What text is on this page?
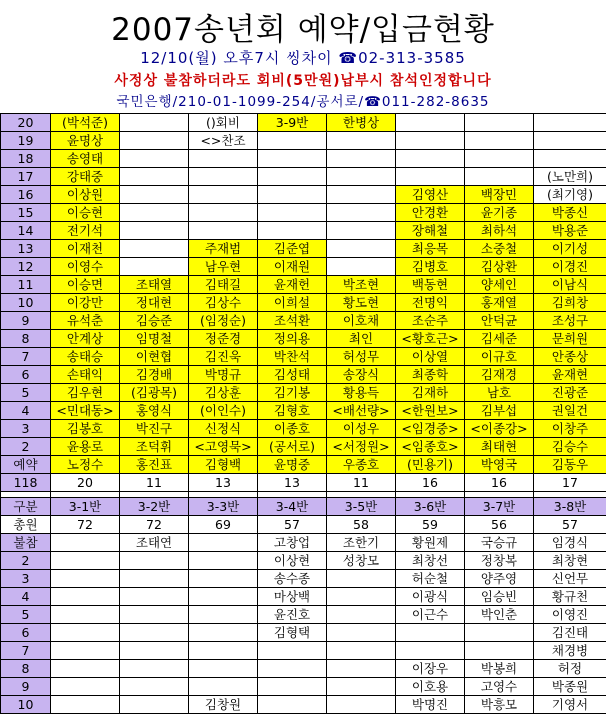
2007송년회 예약/입금현황
12/10(월) 오후7시 씽차이 ☎02-313-3585
사정상 불참하더라도 회비(5만원)납부시 참석인정합니다
국민은행/210-01-1099-254/공서로/☎011-282-8635
20	(박석준)		()회비	3-9반	한병상			
19	윤명상		<>찬조					
18	송영태							
17	강태중							(노만희)
16	이상원					김영산	백장민	(최기영)
15	이승현					안경환	윤기종	박종신
14	전기석					장해철	최하석	박용준
13	이재천		주재범	김준엽		최응목	소중철	이기성
12	이영수		남우현	이재원		김병호	김상환	이경진
11	이승면	조태열	김태길	윤재헌	박조현	백동현	양세인	이남식
10	이강만	정대현	김상수	이희설	황도현	전명익	홍재열	김희창
9	유석춘	김승준	(임정순)	조석환	이호채	조순주	안덕균	조성구
8	안계상	임명철	정준경	정의용	최인	<황호근>	김세준	문희원
7	송태승	이현협	김진욱	박찬석	허성무	이상열	이규호	안종상
6	손태익	김경배	박명규	김성태	송장식	최종학	김재경	윤재현
5	김우현	(김광목)	김상훈	김기봉	황용득	김재하	남호	진광준
4	<민대동>	홍영식	(이인수)	김형호	<배선량>	<한원보>	김부섭	권일건
3	김봉호	박진구	신정식	이종호	이성우	<임경중>	<이종강>	이창주
2	윤용로	조덕휘	<고영묵>	(공서로)	<서정원>	<임종호>	최태현	김승수
예약	노정수	홍진표	김형백	윤명중	우종호	(민용기)	박영국	김동우
118	20	11	13	13	11	16	16	17

구분	3-1반	3-2반	3-3반	3-4반	3-5반	3-6반	3-7반	3-8반
총원	72	72	69	57	58	59	56	57
불참		조태연		고창업	조한기	황원제	국승규	임경식
2				이상현	성창모	최창선	정창복	최창현
3				송수종		허순철	양주영	신언무
4				마상백		이광식	임승빈	황규천
5				윤진호		이근수	박인춘	이영진
6				김형택				김진태
7								채경병
8						이장우	박봉희	허정
9						이호용	고영수	박종원
10			김창원			박명진	박흥모	기영서
